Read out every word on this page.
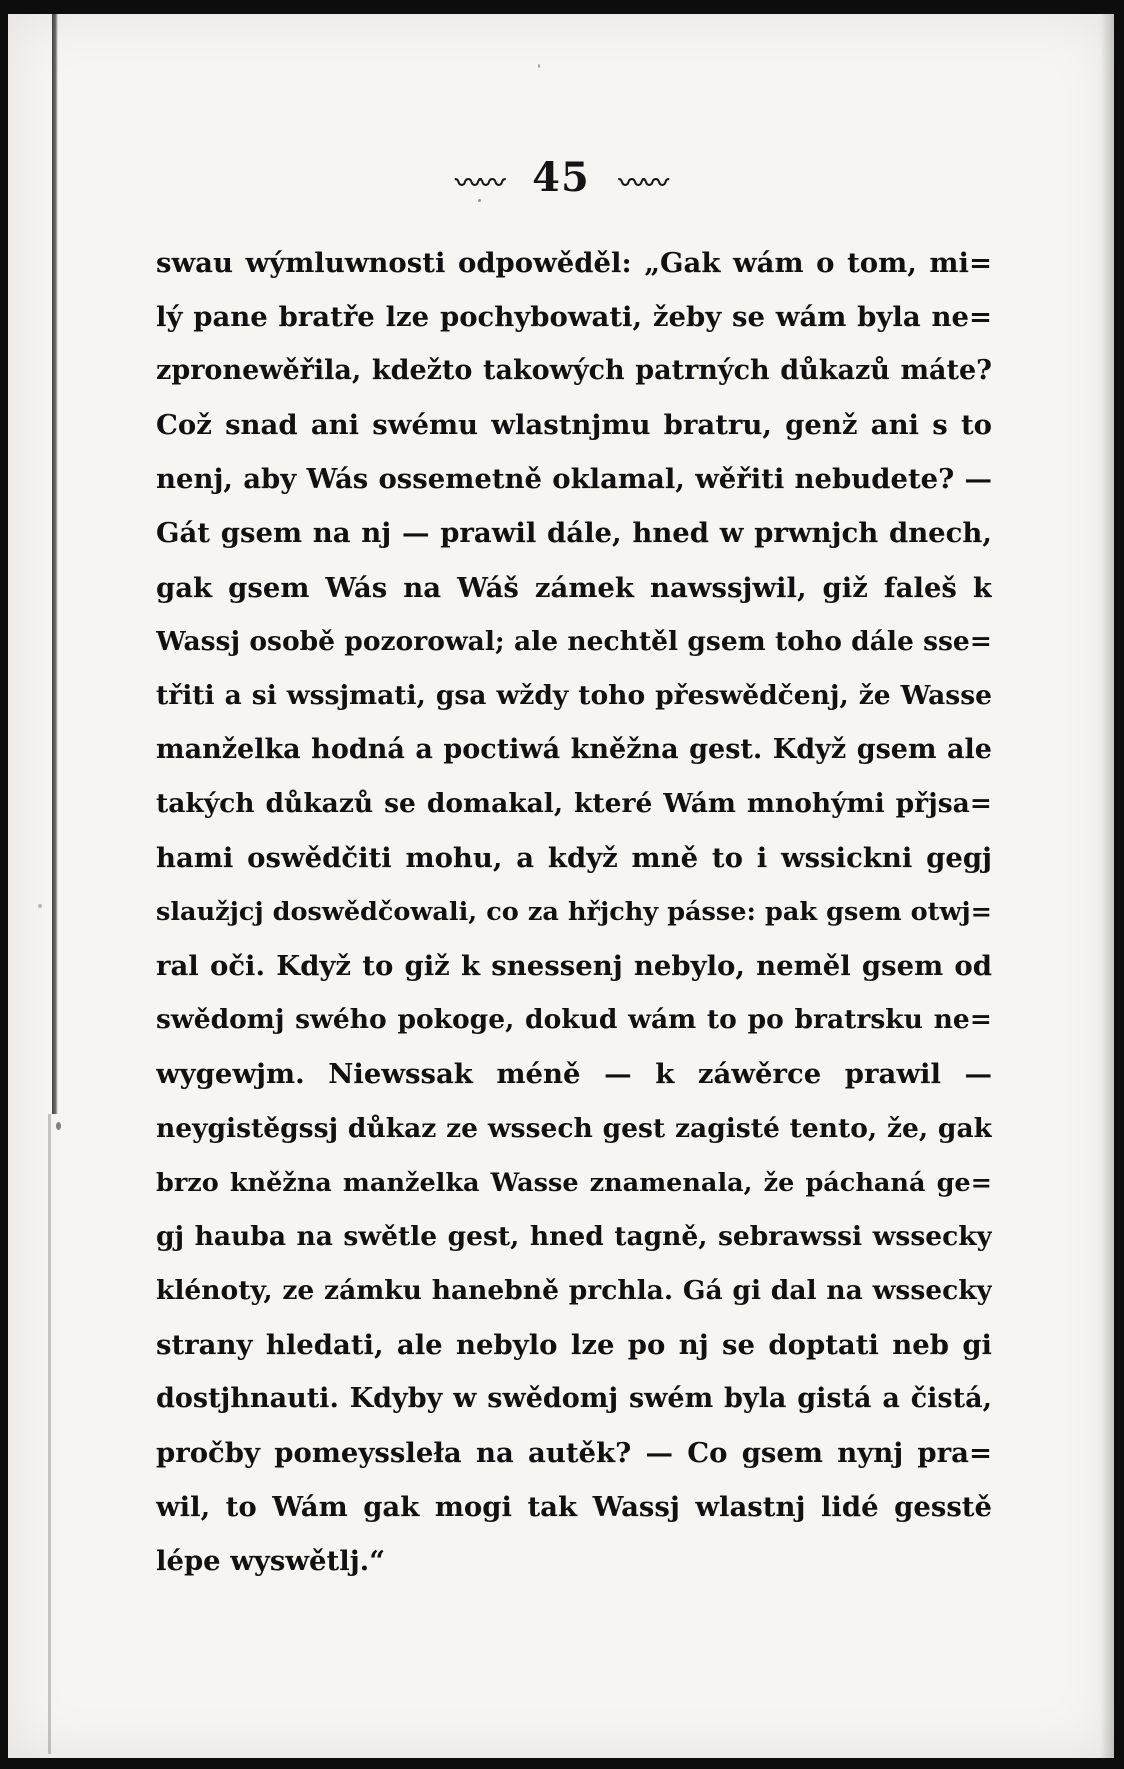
〰〰 45 〰〰
swau wýmluwnosti odpowěděl: „Gak wám o tom, mi=
lý pane bratře lze pochybowati, žeby se wám byla ne=
zpronewěřila, kdežto takowých patrných důkazů máte?
Což snad ani swému wlastnjmu bratru, genž ani s to
nenj, aby Wás ossemetně oklamal, wěřiti nebudete? —
Gát gsem na nj — prawil dále, hned w prwnjch dnech,
gak gsem Wás na Wáš zámek nawssjwil, giž faleš k
Wassj osobě pozorowal; ale nechtěl gsem toho dále sse=
třiti a si wssjmati, gsa wždy toho přeswědčenj, že Wasse
manželka hodná a poctiwá kněžna gest. Když gsem ale
takých důkazů se domakal, které Wám mnohými přjsa=
hami oswědčiti mohu, a když mně to i wssickni gegj
slaužjcj doswědčowali, co za hřjchy pásse: pak gsem otwj=
ral oči. Když to giž k snessenj nebylo, neměl gsem od
swědomj swého pokoge, dokud wám to po bratrsku ne=
wygewjm. Niewssak méně — k záwěrce prawil —
neygistěgssj důkaz ze wssech gest zagisté tento, že, gak
brzo kněžna manželka Wasse znamenala, že páchaná ge=
gj hauba na swětle gest, hned tagně, sebrawssi wssecky
klénoty, ze zámku hanebně prchla. Gá gi dal na wssecky
strany hledati, ale nebylo lze po nj se doptati neb gi
dostjhnauti. Kdyby w swědomj swém byla gistá a čistá,
pročby pomeyssleła na autěk? — Co gsem nynj pra=
wil, to Wám gak mogi tak Wassj wlastnj lidé gesstě
lépe wyswětlj.“
